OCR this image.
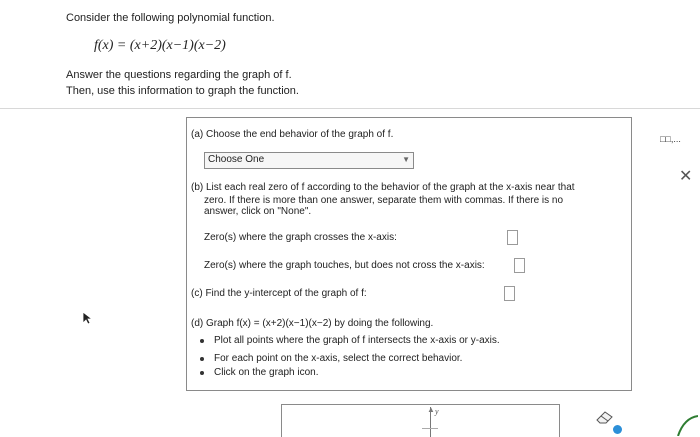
Consider the following polynomial function.
f(x) = (x+2)(x−1)(x−2)
Answer the questions regarding the graph of f.
Then, use this information to graph the function.
(a) Choose the end behavior of the graph of f.
Choose One	▼
(b) List each real zero of f according to the behavior of the graph at the x-axis near that
zero. If there is more than one answer, separate them with commas. If there is no
answer, click on "None".
Zero(s) where the graph crosses the x-axis:
Zero(s) where the graph touches, but does not cross the x-axis:
(c) Find the y-intercept of the graph of f:
(d) Graph f(x) = (x+2)(x−1)(x−2) by doing the following.
Plot all points where the graph of f intersects the x-axis or y-axis.
For each point on the x-axis, select the correct behavior.
Click on the graph icon.
□□,...
✕
▲ y
